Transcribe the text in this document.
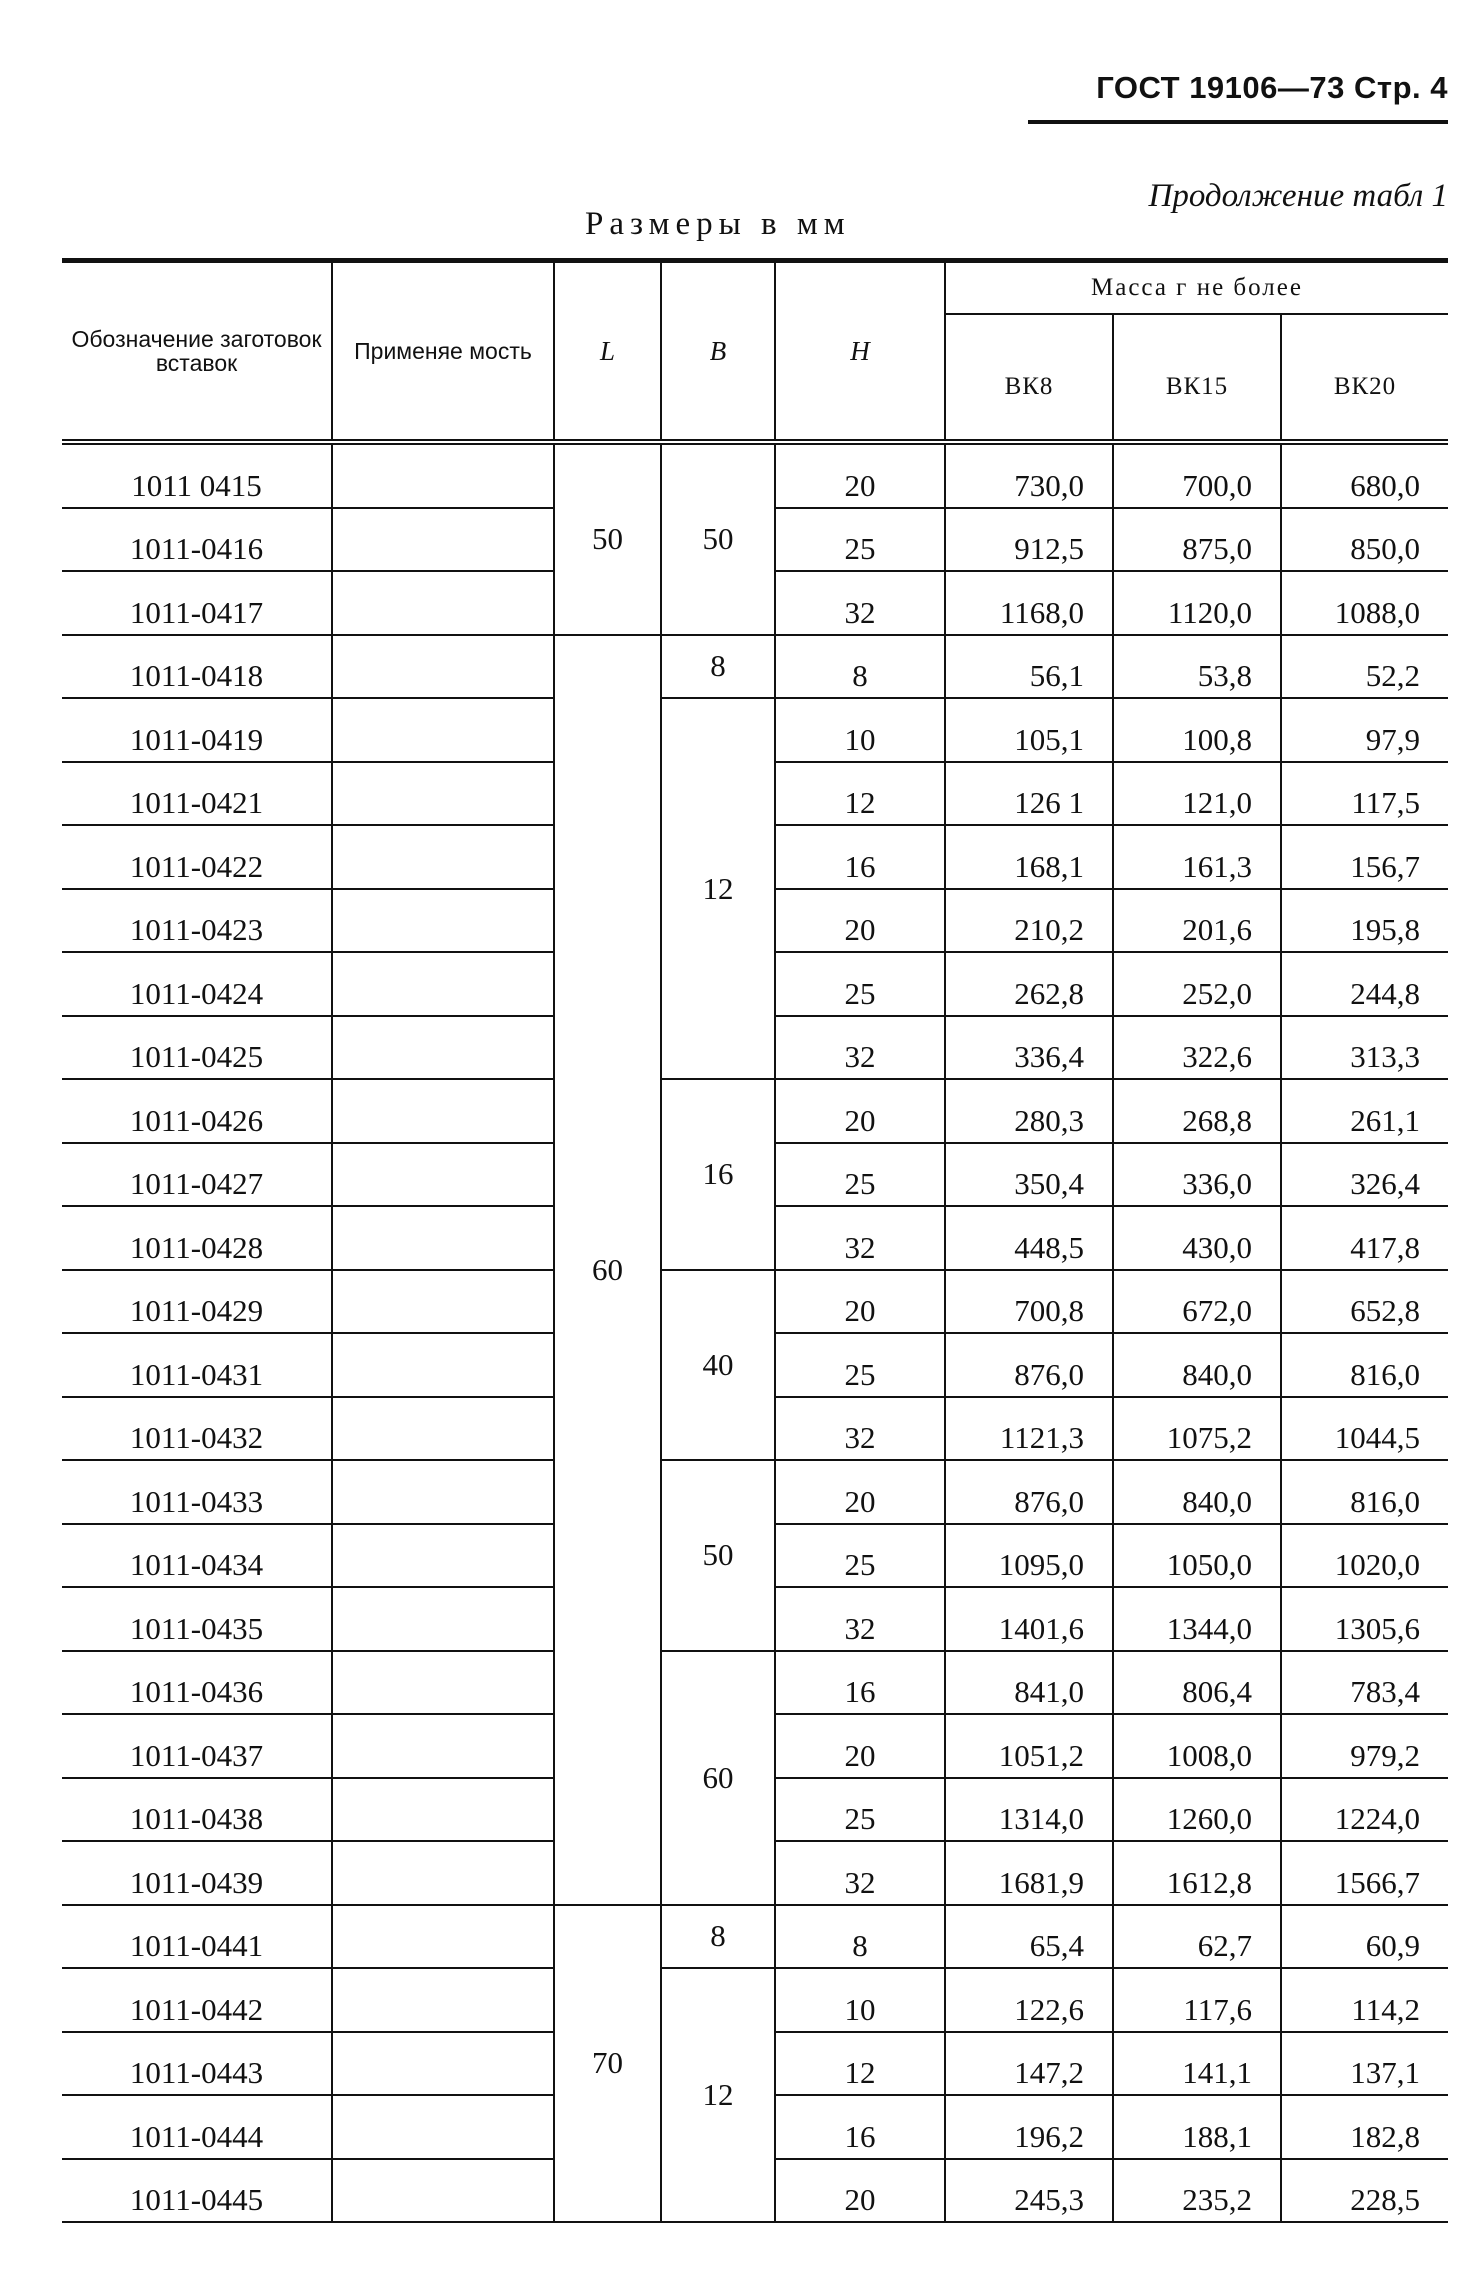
ГОСТ 19106—73 Стр. 4
Продолжение табл 1
Размеры в мм
Обозначение заготовок вставок	Применяе мость	L	B	H	Масса г не более		
					ВК8	ВК15	ВК20
1011 0415		50	50	20	730,0	700,0	680,0
1011-0416				25	912,5	875,0	850,0
1011-0417				32	1168,0	1120,0	1088,0
1011-0418		60	8	8	56,1	53,8	52,2
1011-0419			12	10	105,1	100,8	97,9
1011-0421				12	126 1	121,0	117,5
1011-0422				16	168,1	161,3	156,7
1011-0423				20	210,2	201,6	195,8
1011-0424				25	262,8	252,0	244,8
1011-0425				32	336,4	322,6	313,3
1011-0426			16	20	280,3	268,8	261,1
1011-0427				25	350,4	336,0	326,4
1011-0428				32	448,5	430,0	417,8
1011-0429			40	20	700,8	672,0	652,8
1011-0431				25	876,0	840,0	816,0
1011-0432				32	1121,3	1075,2	1044,5
1011-0433			50	20	876,0	840,0	816,0
1011-0434				25	1095,0	1050,0	1020,0
1011-0435				32	1401,6	1344,0	1305,6
1011-0436			60	16	841,0	806,4	783,4
1011-0437				20	1051,2	1008,0	979,2
1011-0438				25	1314,0	1260,0	1224,0
1011-0439				32	1681,9	1612,8	1566,7
1011-0441		70	8	8	65,4	62,7	60,9
1011-0442			12	10	122,6	117,6	114,2
1011-0443				12	147,2	141,1	137,1
1011-0444				16	196,2	188,1	182,8
1011-0445				20	245,3	235,2	228,5
